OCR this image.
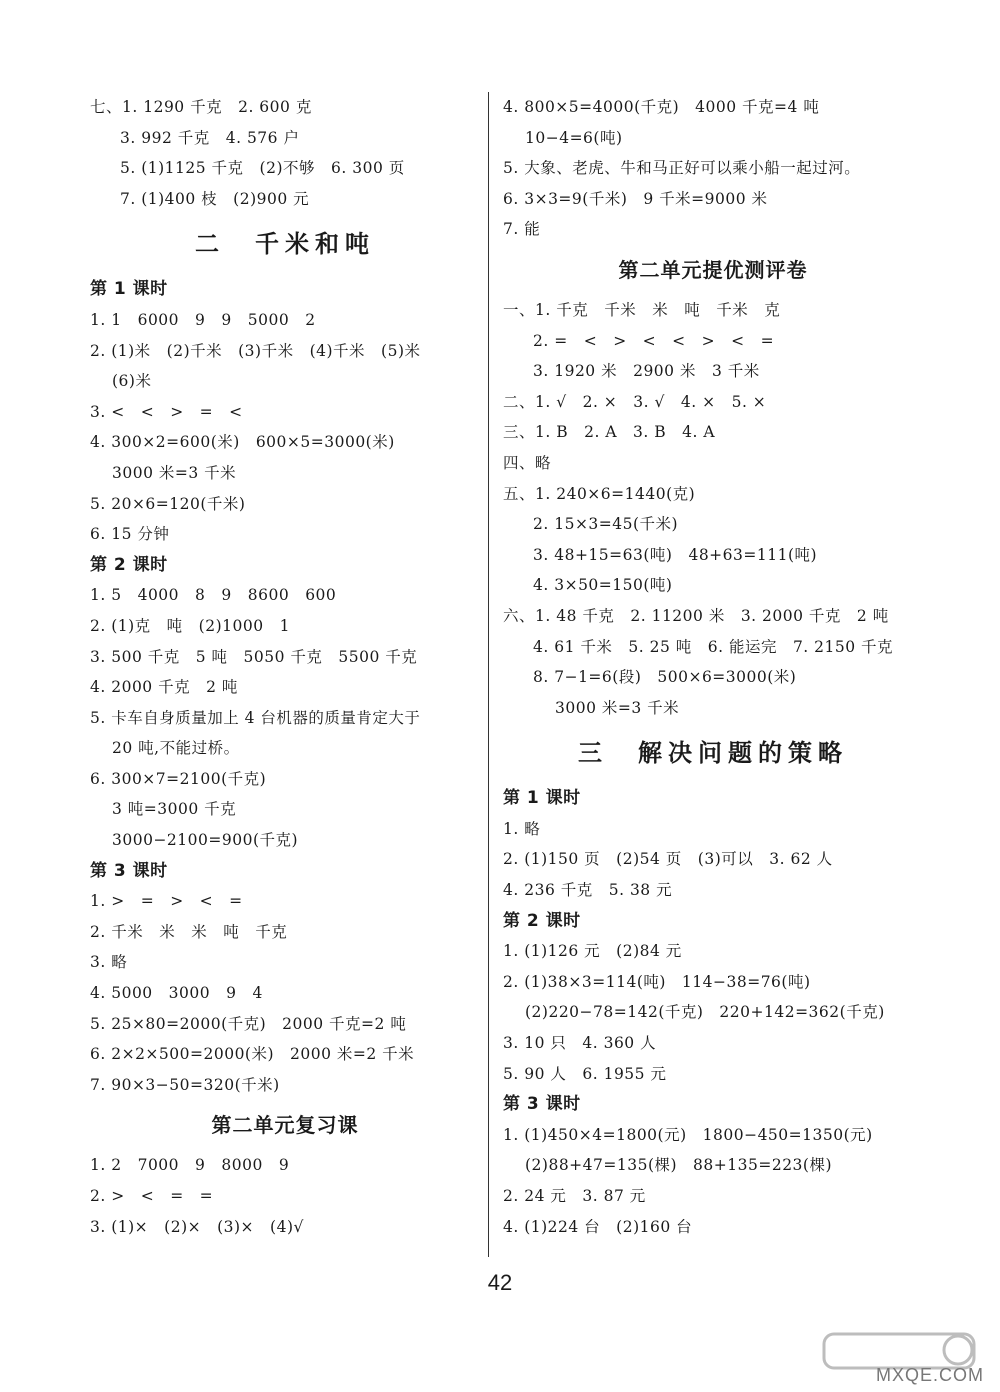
七、1. 1290 千克　2. 600 克
3. 992 千克　4. 576 户
5. (1)1125 千克　(2)不够　6. 300 页
7. (1)400 枝　(2)900 元
二　千米和吨
第 1 课时
1. 1　6000　9　9　5000　2
2. (1)米　(2)千米　(3)千米　(4)千米　(5)米
(6)米
3. <　<　>　=　<
4. 300×2=600(米)　600×5=3000(米)
3000 米=3 千米
5. 20×6=120(千米)
6. 15 分钟
第 2 课时
1. 5　4000　8　9　8600　600
2. (1)克　吨　(2)1000　1
3. 500 千克　5 吨　5050 千克　5500 千克
4. 2000 千克　2 吨
5. 卡车自身质量加上 4 台机器的质量肯定大于
20 吨,不能过桥。
6. 300×7=2100(千克)
3 吨=3000 千克
3000−2100=900(千克)
第 3 课时
1. >　=　>　<　=
2. 千米　米　米　吨　千克
3. 略
4. 5000　3000　9　4
5. 25×80=2000(千克)　2000 千克=2 吨
6. 2×2×500=2000(米)　2000 米=2 千米
7. 90×3−50=320(千米)
第二单元复习课
1. 2　7000　9　8000　9
2. >　<　=　=
3. (1)×　(2)×　(3)×　(4)√
4. 800×5=4000(千克)　4000 千克=4 吨
10−4=6(吨)
5. 大象、老虎、牛和马正好可以乘小船一起过河。
6. 3×3=9(千米)　9 千米=9000 米
7. 能
第二单元提优测评卷
一、1. 千克　千米　米　吨　千米　克
2. =　<　>　<　<　>　<　=
3. 1920 米　2900 米　3 千米
二、1. √　2. ×　3. √　4. ×　5. ×
三、1. B　2. A　3. B　4. A
四、略
五、1. 240×6=1440(克)
2. 15×3=45(千米)
3. 48+15=63(吨)　48+63=111(吨)
4. 3×50=150(吨)
六、1. 48 千克　2. 11200 米　3. 2000 千克　2 吨
4. 61 千米　5. 25 吨　6. 能运完　7. 2150 千克
8. 7−1=6(段)　500×6=3000(米)
3000 米=3 千米
三　解决问题的策略
第 1 课时
1. 略
2. (1)150 页　(2)54 页　(3)可以　3. 62 人
4. 236 千克　5. 38 元
第 2 课时
1. (1)126 元　(2)84 元
2. (1)38×3=114(吨)　114−38=76(吨)
(2)220−78=142(千克)　220+142=362(千克)
3. 10 只　4. 360 人
5. 90 人　6. 1955 元
第 3 课时
1. (1)450×4=1800(元)　1800−450=1350(元)
(2)88+47=135(棵)　88+135=223(棵)
2. 24 元　3. 87 元
4. (1)224 台　(2)160 台
42
MXQE.COM
